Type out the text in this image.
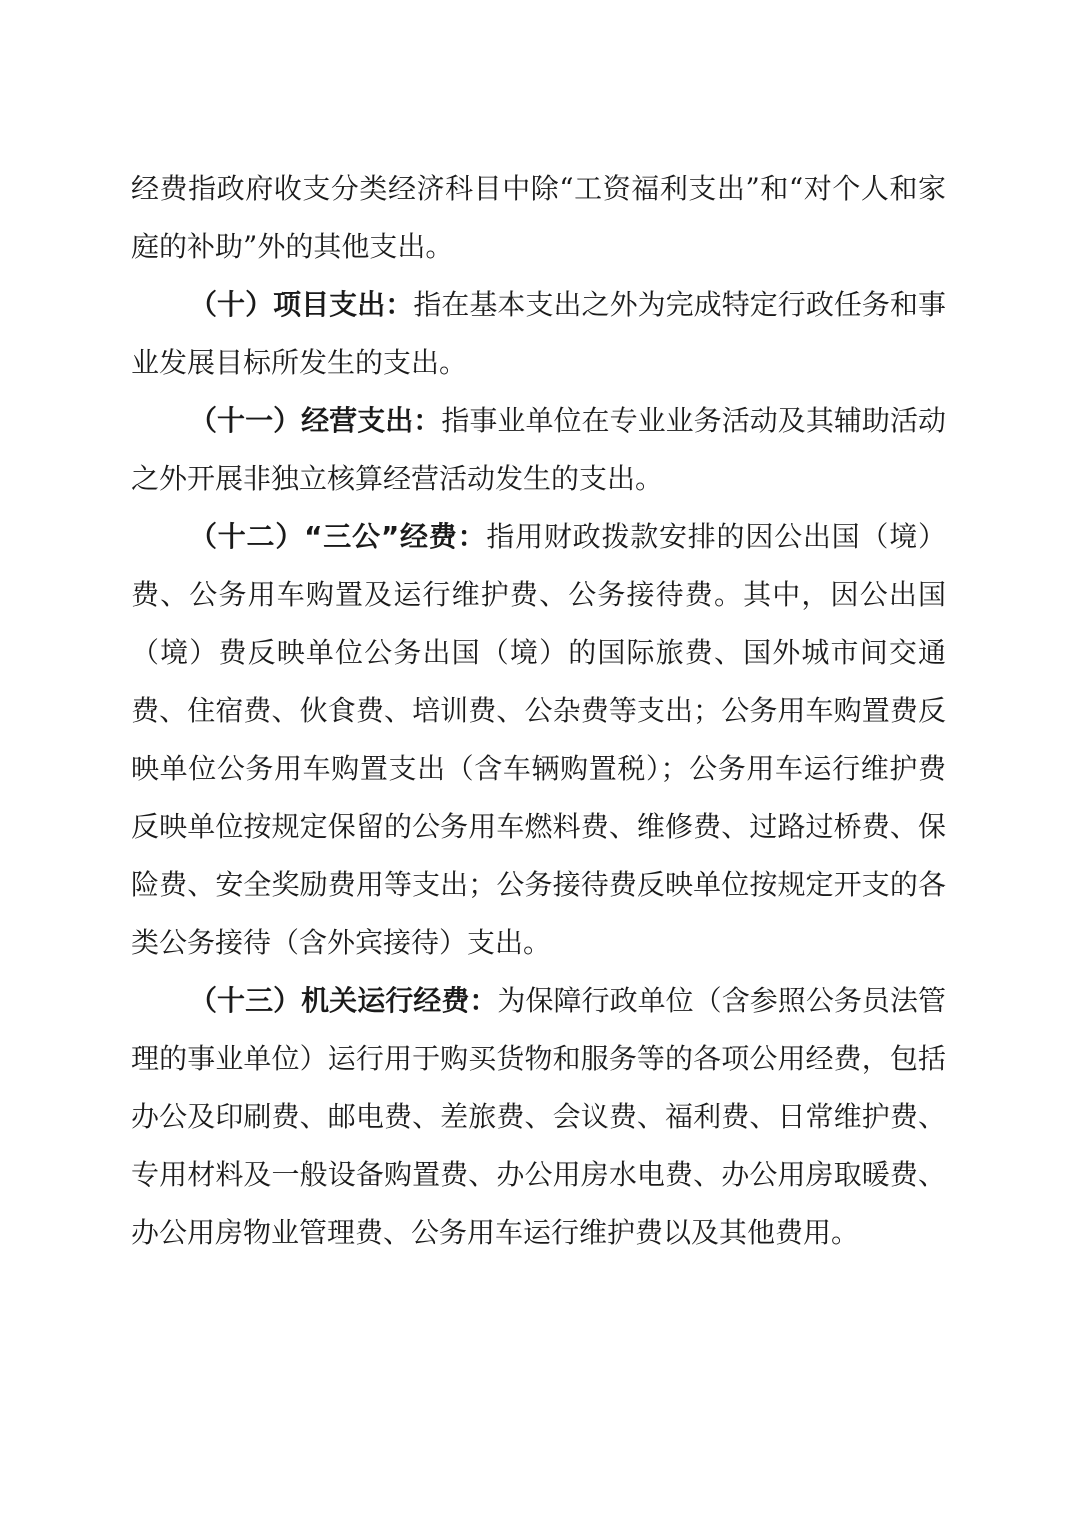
经费指政府收支分类经济科目中除“工资福利支出”和“对个人和家庭的补助”外的其他支出。

（十）项目支出：指在基本支出之外为完成特定行政任务和事业发展目标所发生的支出。

（十一）经营支出：指事业单位在专业业务活动及其辅助活动之外开展非独立核算经营活动发生的支出。

（十二）“三公”经费：指用财政拨款安排的因公出国（境）费、公务用车购置及运行维护费、公务接待费。其中，因公出国（境）费反映单位公务出国（境）的国际旅费、国外城市间交通费、住宿费、伙食费、培训费、公杂费等支出；公务用车购置费反映单位公务用车购置支出（含车辆购置税）；公务用车运行维护费反映单位按规定保留的公务用车燃料费、维修费、过路过桥费、保险费、安全奖励费用等支出；公务接待费反映单位按规定开支的各类公务接待（含外宾接待）支出。

（十三）机关运行经费：为保障行政单位（含参照公务员法管理的事业单位）运行用于购买货物和服务等的各项公用经费，包括办公及印刷费、邮电费、差旅费、会议费、福利费、日常维护费、专用材料及一般设备购置费、办公用房水电费、办公用房取暖费、办公用房物业管理费、公务用车运行维护费以及其他费用。
